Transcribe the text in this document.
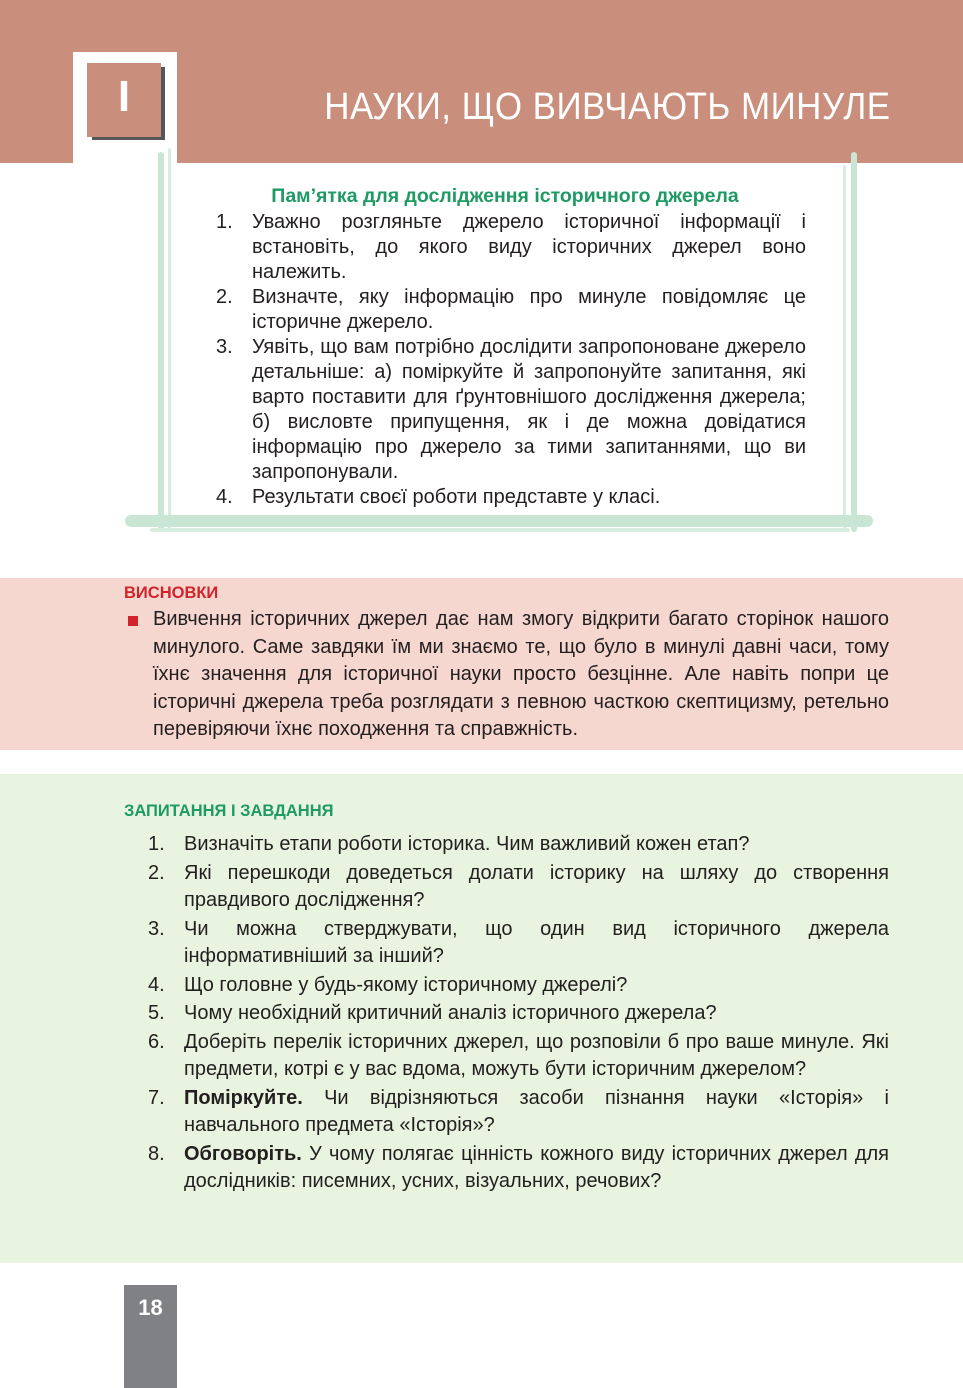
I	НАУКИ, ЩО ВИВЧАЮТЬ МИНУЛЕ
Пам’ятка для дослідження історичного джерела
1. Уважно розгляньте джерело історичної інформації і встановіть, до якого виду історичних джерел воно належить.
2. Визначте, яку інформацію про минуле повідомляє це історичне джерело.
3. Уявіть, що вам потрібно дослідити запропоноване джерело детальніше: а) поміркуйте й запропонуйте запитання, які варто поставити для ґрунтовнішого дослідження джерела; б) висловте припущення, як і де можна довідатися інформацію про джерело за тими запитаннями, що ви запропонували.
4. Результати своєї роботи представте у класі.
ВИСНОВКИ
Вивчення історичних джерел дає нам змогу відкрити багато сторінок нашого минулого. Саме завдяки їм ми знаємо те, що було в минулі давні часи, тому їхнє значення для історичної науки просто безцінне. Але навіть попри це історичні джерела треба розглядати з певною часткою скептицизму, ретельно перевіряючи їхнє походження та справжність.
ЗАПИТАННЯ І ЗАВДАННЯ
1. Визначіть етапи роботи історика. Чим важливий кожен етап?
2. Які перешкоди доведеться долати історику на шляху до створення правдивого дослідження?
3. Чи можна стверджувати, що один вид історичного джерела інформативніший за інший?
4. Що головне у будь-якому історичному джерелі?
5. Чому необхідний критичний аналіз історичного джерела?
6. Доберіть перелік історичних джерел, що розповіли б про ваше минуле. Які предмети, котрі є у вас вдома, можуть бути історичним джерелом?
7. Поміркуйте. Чи відрізняються засоби пізнання науки «Історія» і навчального предмета «Історія»?
8. Обговоріть. У чому полягає цінність кожного виду історичних джерел для дослідників: писемних, усних, візуальних, речових?
18
